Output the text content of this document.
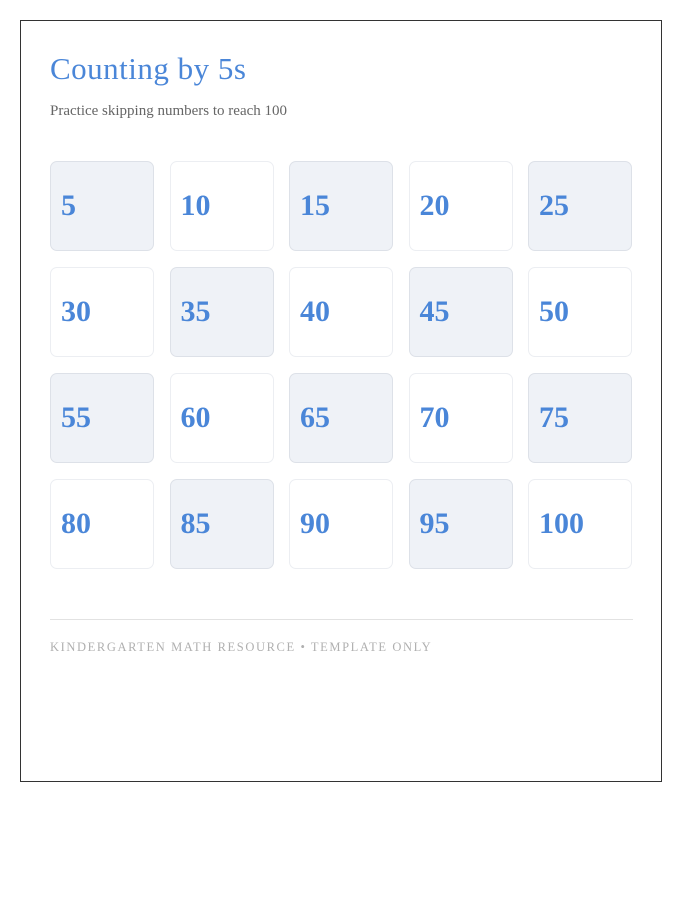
Counting by 5s

Practice skipping numbers to reach 100

5	10	15	20	25
30	35	40	45	50
55	60	65	70	75
80	85	90	95	100
KINDERGARTEN MATH RESOURCE • TEMPLATE ONLY
